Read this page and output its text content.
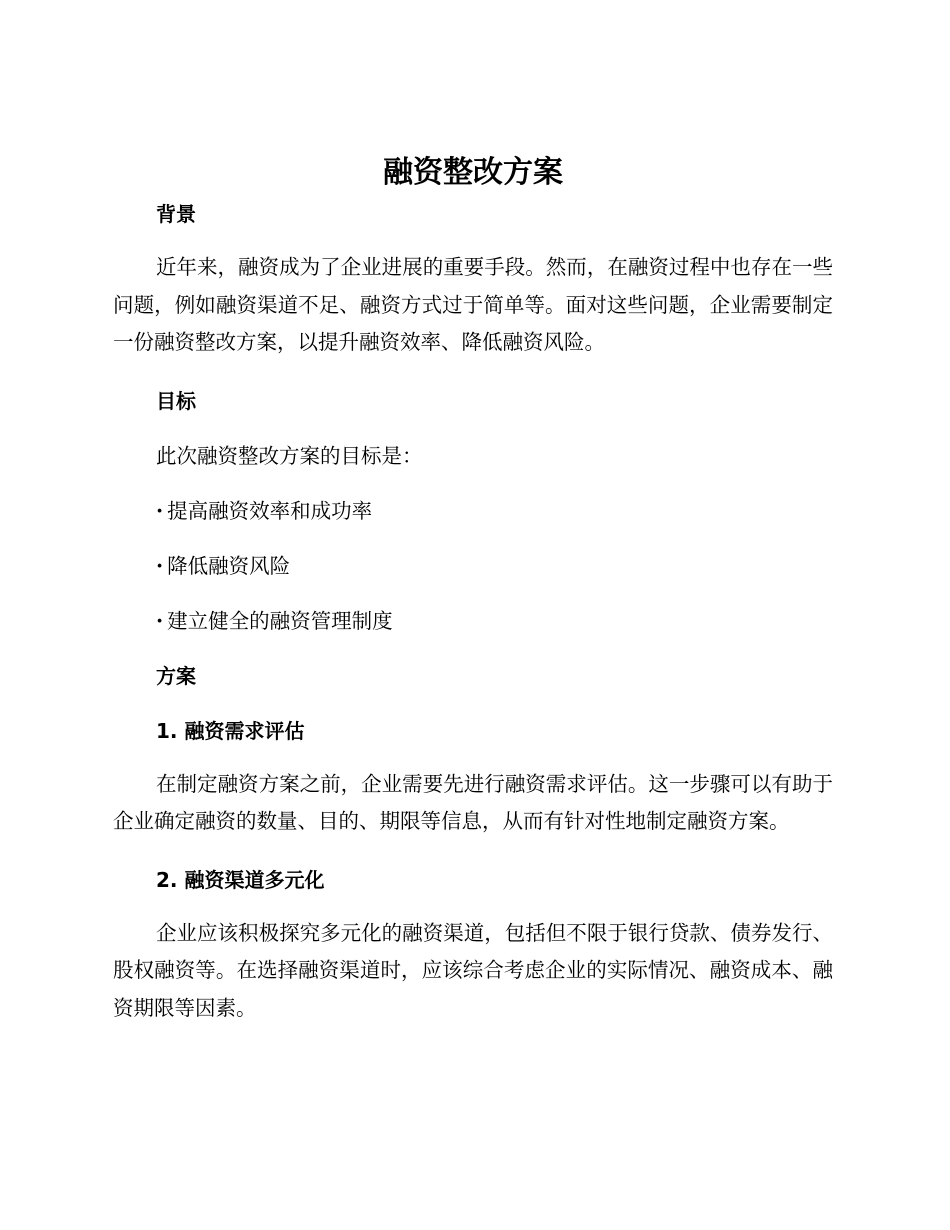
融资整改方案
背景

近年来，融资成为了企业进展的重要手段。然而，在融资过程中也存在一些问题，例如融资渠道不足、融资方式过于简单等。面对这些问题，企业需要制定一份融资整改方案，以提升融资效率、降低融资风险。

目标

此次融资整改方案的目标是：

· 提高融资效率和成功率

· 降低融资风险

· 建立健全的融资管理制度

方案
1. 融资需求评估

在制定融资方案之前，企业需要先进行融资需求评估。这一步骤可以有助于企业确定融资的数量、目的、期限等信息，从而有针对性地制定融资方案。

2. 融资渠道多元化

企业应该积极探究多元化的融资渠道，包括但不限于银行贷款、债券发行、股权融资等。在选择融资渠道时，应该综合考虑企业的实际情况、融资成本、融资期限等因素。
